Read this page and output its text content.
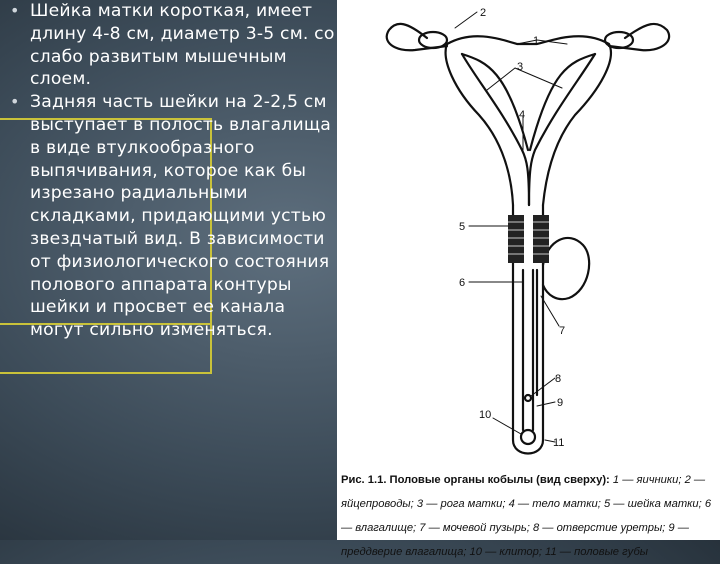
• Шейка матки короткая, имеет длину 4-8 см, диаметр 3-5 см. со слабо развитым мышечным слоем.
• Задняя часть шейки на 2-2,5 см выступает в полость влагалища в виде втулкообразного выпячивания, которое как бы изрезано радиальными складками, придающими устью звездчатый вид. В зависимости от физиологического состояния полового аппарата контуры шейки и просвет ее канала могут сильно изменяться.
2
1
3
4
5
6
7
8
9
10
11
Рис. 1.1. Половые органы кобылы (вид сверху): 1 — яичники; 2 — яйцепроводы; 3 — рога матки; 4 — тело матки; 5 — шейка матки; 6 — влагалище; 7 — мочевой пузырь; 8 — отверстие уретры; 9 — преддверие влагалища; 10 — клитор; 11 — половые губы
